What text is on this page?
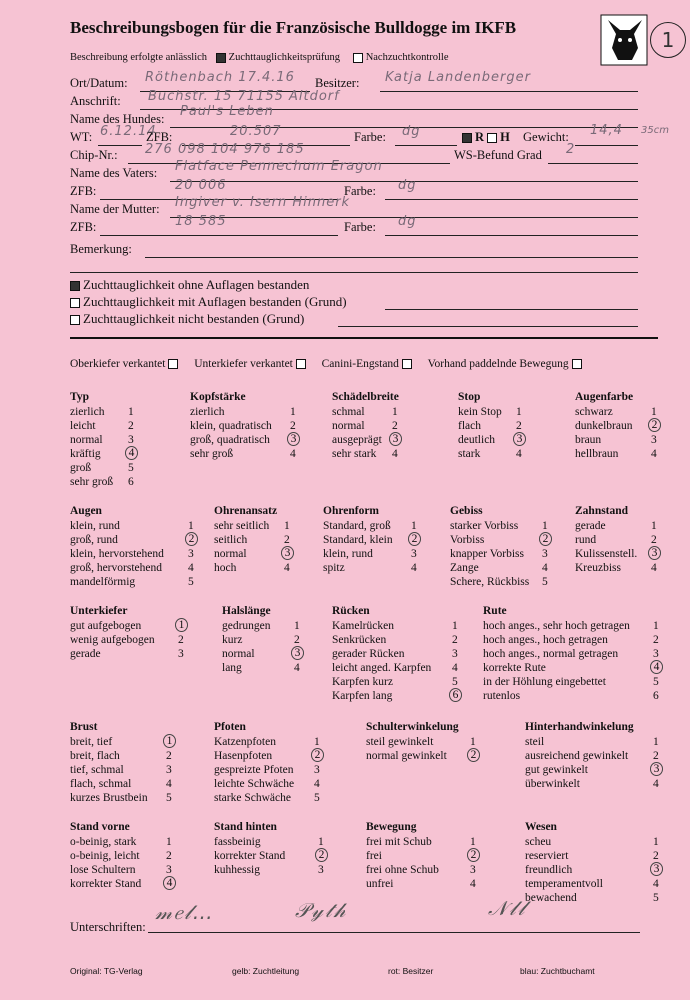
Beschreibungsbogen für die Französische Bulldogge im IKFB
1
Beschreibung erfolgte anlässlich Zuchttauglichkeitsprüfung Nachzuchtkontrolle
Ort/Datum: Röthenbach 17.4.16 Besitzer: Katja Landenberger
Anschrift: Buchstr. 15 71155 Altdorf
Name des Hundes: Paul's Leben
WT: 6.12.14
ZFB:	20.507	Farbe: dg	R H Gewicht: 14,4 35cm
Chip-Nr.: 276 098 104 976 185	WS-Befund Grad 2
Name des Vaters: Flatface Pennechum Eragon
ZFB:	20 006	Farbe: dg
Name der Mutter: Ingiver v. Isern Hinnerk
ZFB:	18 585	Farbe: dg
Bemerkung:
Zuchttauglichkeit ohne Auflagen bestanden
Zuchttauglichkeit mit Auflagen bestanden (Grund)
Zuchttauglichkeit nicht bestanden (Grund)
Oberkiefer verkantet	Unterkiefer verkantet	Canini-Engstand	Vorhand paddelnde Bewegung
Typ
zierlich 1
leicht	2
normal 3
kräftig	4
groß	5
sehr groß 6
Kopfstärke
zierlich	1
klein, quadratisch 2
groß, quadratisch	3
sehr groß	4
Schädelbreite
schmal 1
normal 2
ausgeprägt 3
sehr stark 4
Stop
kein Stop 1
flach	2
deutlich	3
stark	4
Augenfarbe
schwarz	1
dunkelbraun	2
braun	3
hellbraun	4
Augen
klein, rund	1
groß, rund	2
klein, hervorstehend 3
groß, hervorstehend 4
mandelförmig	5
Ohrenansatz
sehr seitlich 1
seitlich	2
normal	3
hoch	4
Ohrenform
Standard, groß 1
Standard, klein	2
klein, rund	3
spitz	4
Gebiss
starker Vorbiss 1
Vorbiss	2
knapper Vorbiss 3
Zange	4
Schere, Rückbiss 5
Zahnstand
gerade	1
rund	2
Kulissenstell.	3
Kreuzbiss	4
Unterkiefer
gut aufgebogen	1
wenig aufgebogen 2
gerade	3
Halslänge
gedrungen 1
kurz	2
normal	3
lang	4
Rücken
Kamelrücken	1
Senkrücken	2
gerader Rücken	3
leicht anged. Karpfen 4
Karpfen kurz	5
Karpfen lang	6
Rute
hoch anges., sehr hoch getragen 1
hoch anges., hoch getragen	2
hoch anges., normal getragen	3
korrekte Rute	4
in der Höhlung eingebettet	5
rutenlos	6
Brust
breit, tief	1
breit, flach	2
tief, schmal	3
flach, schmal	4
kurzes Brustbein 5
Pfoten
Katzenpfoten	1
Hasenpfoten	2
gespreizte Pfoten 3
leichte Schwäche 4
starke Schwäche 5
Schulterwinkelung
steil gewinkelt	1
normal gewinkelt	2
Hinterhandwinkelung
steil	1
ausreichend gewinkelt 2
gut gewinkelt	3
überwinkelt	4
Stand vorne
o-beinig, stark	1
o-beinig, leicht 2
lose Schultern	3
korrekter Stand	4
Stand hinten
fassbeinig	1
korrekter Stand	2
kuhhessig	3
Bewegung
frei mit Schub	1
frei	2
frei ohne Schub	3
unfrei	4
Wesen
scheu	1
reserviert	2
freundlich	3
temperamentvoll	4
bewachend	5
Unterschriften:
𝓂𝑒𝓁…	𝒫𝓎𝓉𝒽	𝒩𝓁𝓁
Original: TG-Verlag	gelb: Zuchtleitung	rot: Besitzer	blau: Zuchtbuchamt
